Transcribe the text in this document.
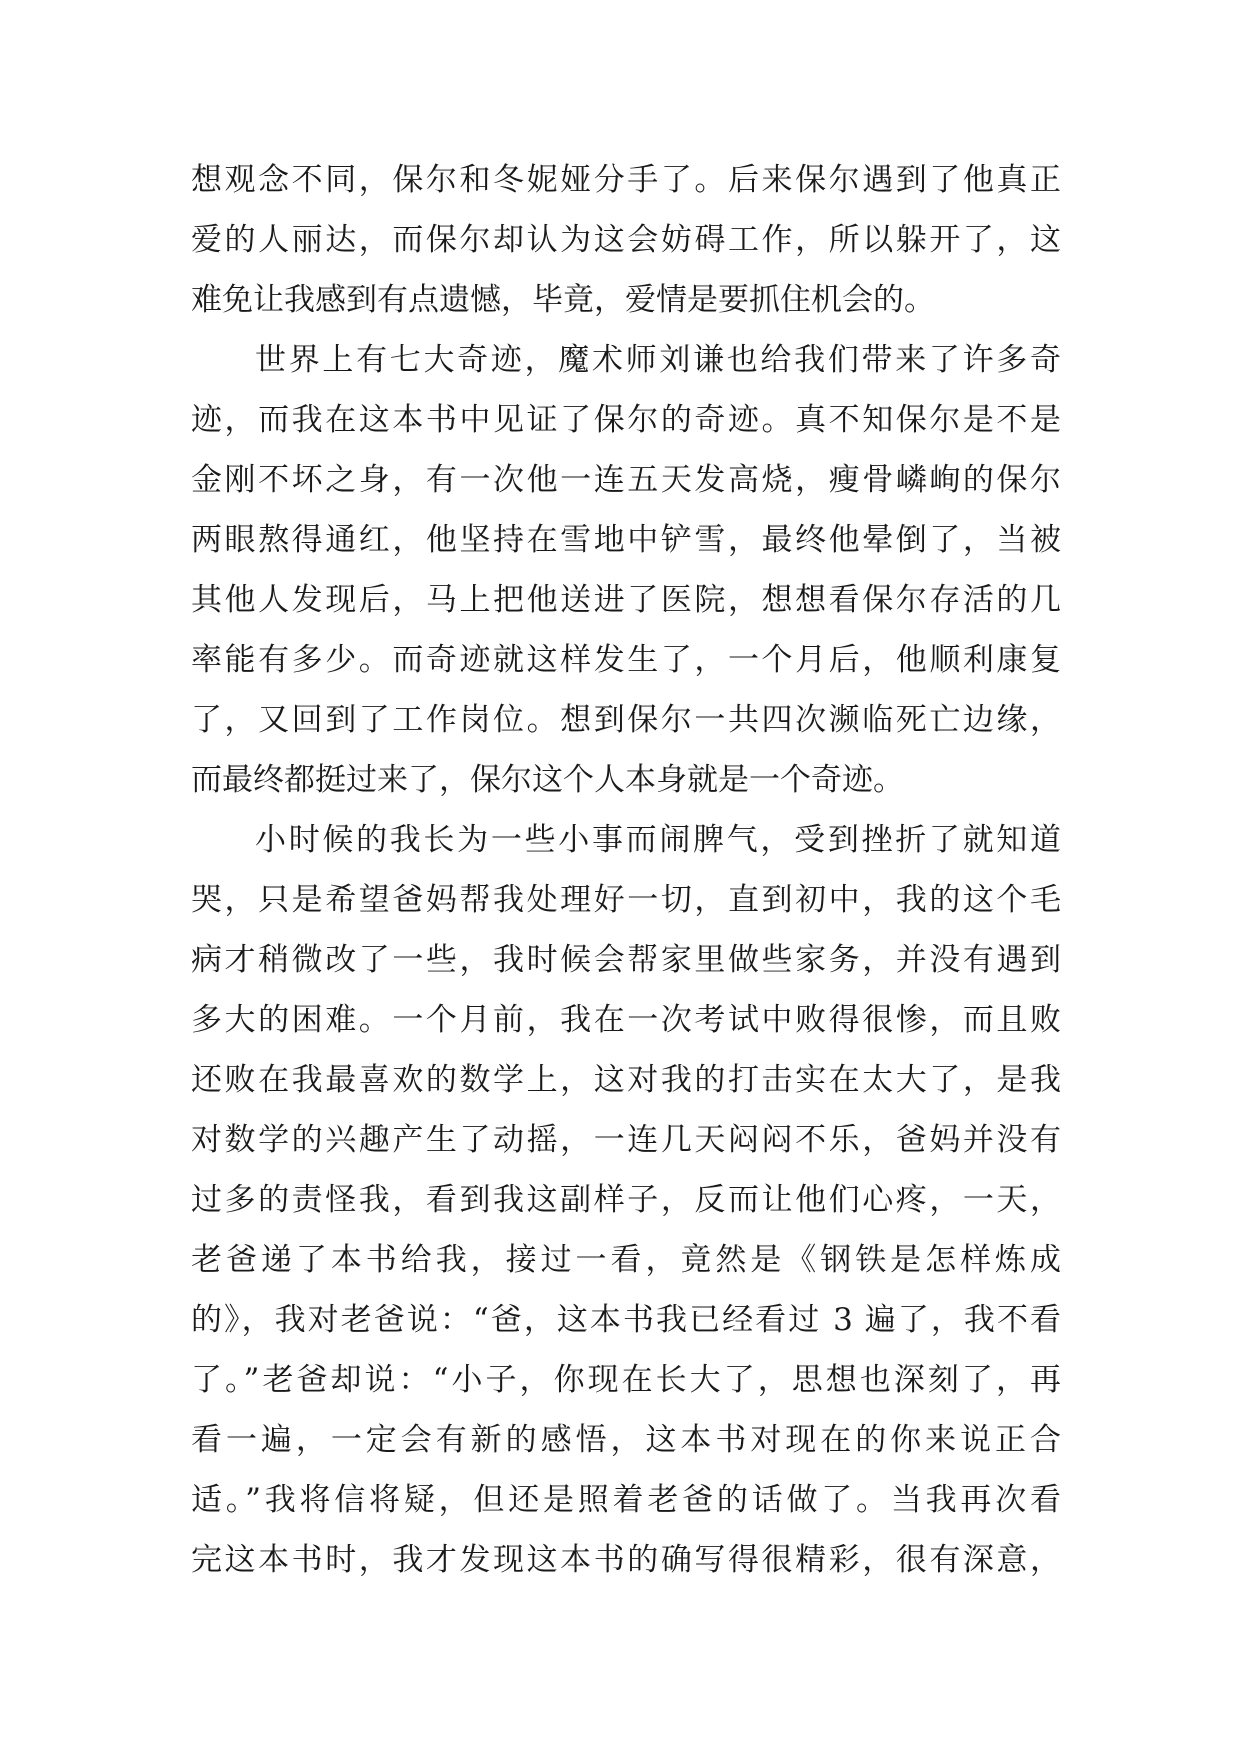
想观念不同，保尔和冬妮娅分手了。后来保尔遇到了他真正
爱的人丽达，而保尔却认为这会妨碍工作，所以躲开了，这
难免让我感到有点遗憾，毕竟，爱情是要抓住机会的。
世界上有七大奇迹，魔术师刘谦也给我们带来了许多奇
迹，而我在这本书中见证了保尔的奇迹。真不知保尔是不是
金刚不坏之身，有一次他一连五天发高烧，瘦骨嶙峋的保尔
两眼熬得通红，他坚持在雪地中铲雪，最终他晕倒了，当被
其他人发现后，马上把他送进了医院，想想看保尔存活的几
率能有多少。而奇迹就这样发生了，一个月后，他顺利康复
了，又回到了工作岗位。想到保尔一共四次濒临死亡边缘，
而最终都挺过来了，保尔这个人本身就是一个奇迹。
小时候的我长为一些小事而闹脾气，受到挫折了就知道
哭，只是希望爸妈帮我处理好一切，直到初中，我的这个毛
病才稍微改了一些，我时候会帮家里做些家务，并没有遇到
多大的困难。一个月前，我在一次考试中败得很惨，而且败
还败在我最喜欢的数学上，这对我的打击实在太大了，是我
对数学的兴趣产生了动摇，一连几天闷闷不乐，爸妈并没有
过多的责怪我，看到我这副样子，反而让他们心疼，一天，
老爸递了本书给我，接过一看，竟然是《钢铁是怎样炼成
的》，我对老爸说：“爸，这本书我已经看过 3 遍了，我不看
了。”老爸却说：“小子，你现在长大了，思想也深刻了，再
看一遍，一定会有新的感悟，这本书对现在的你来说正合
适。”我将信将疑，但还是照着老爸的话做了。当我再次看
完这本书时，我才发现这本书的确写得很精彩，很有深意，
